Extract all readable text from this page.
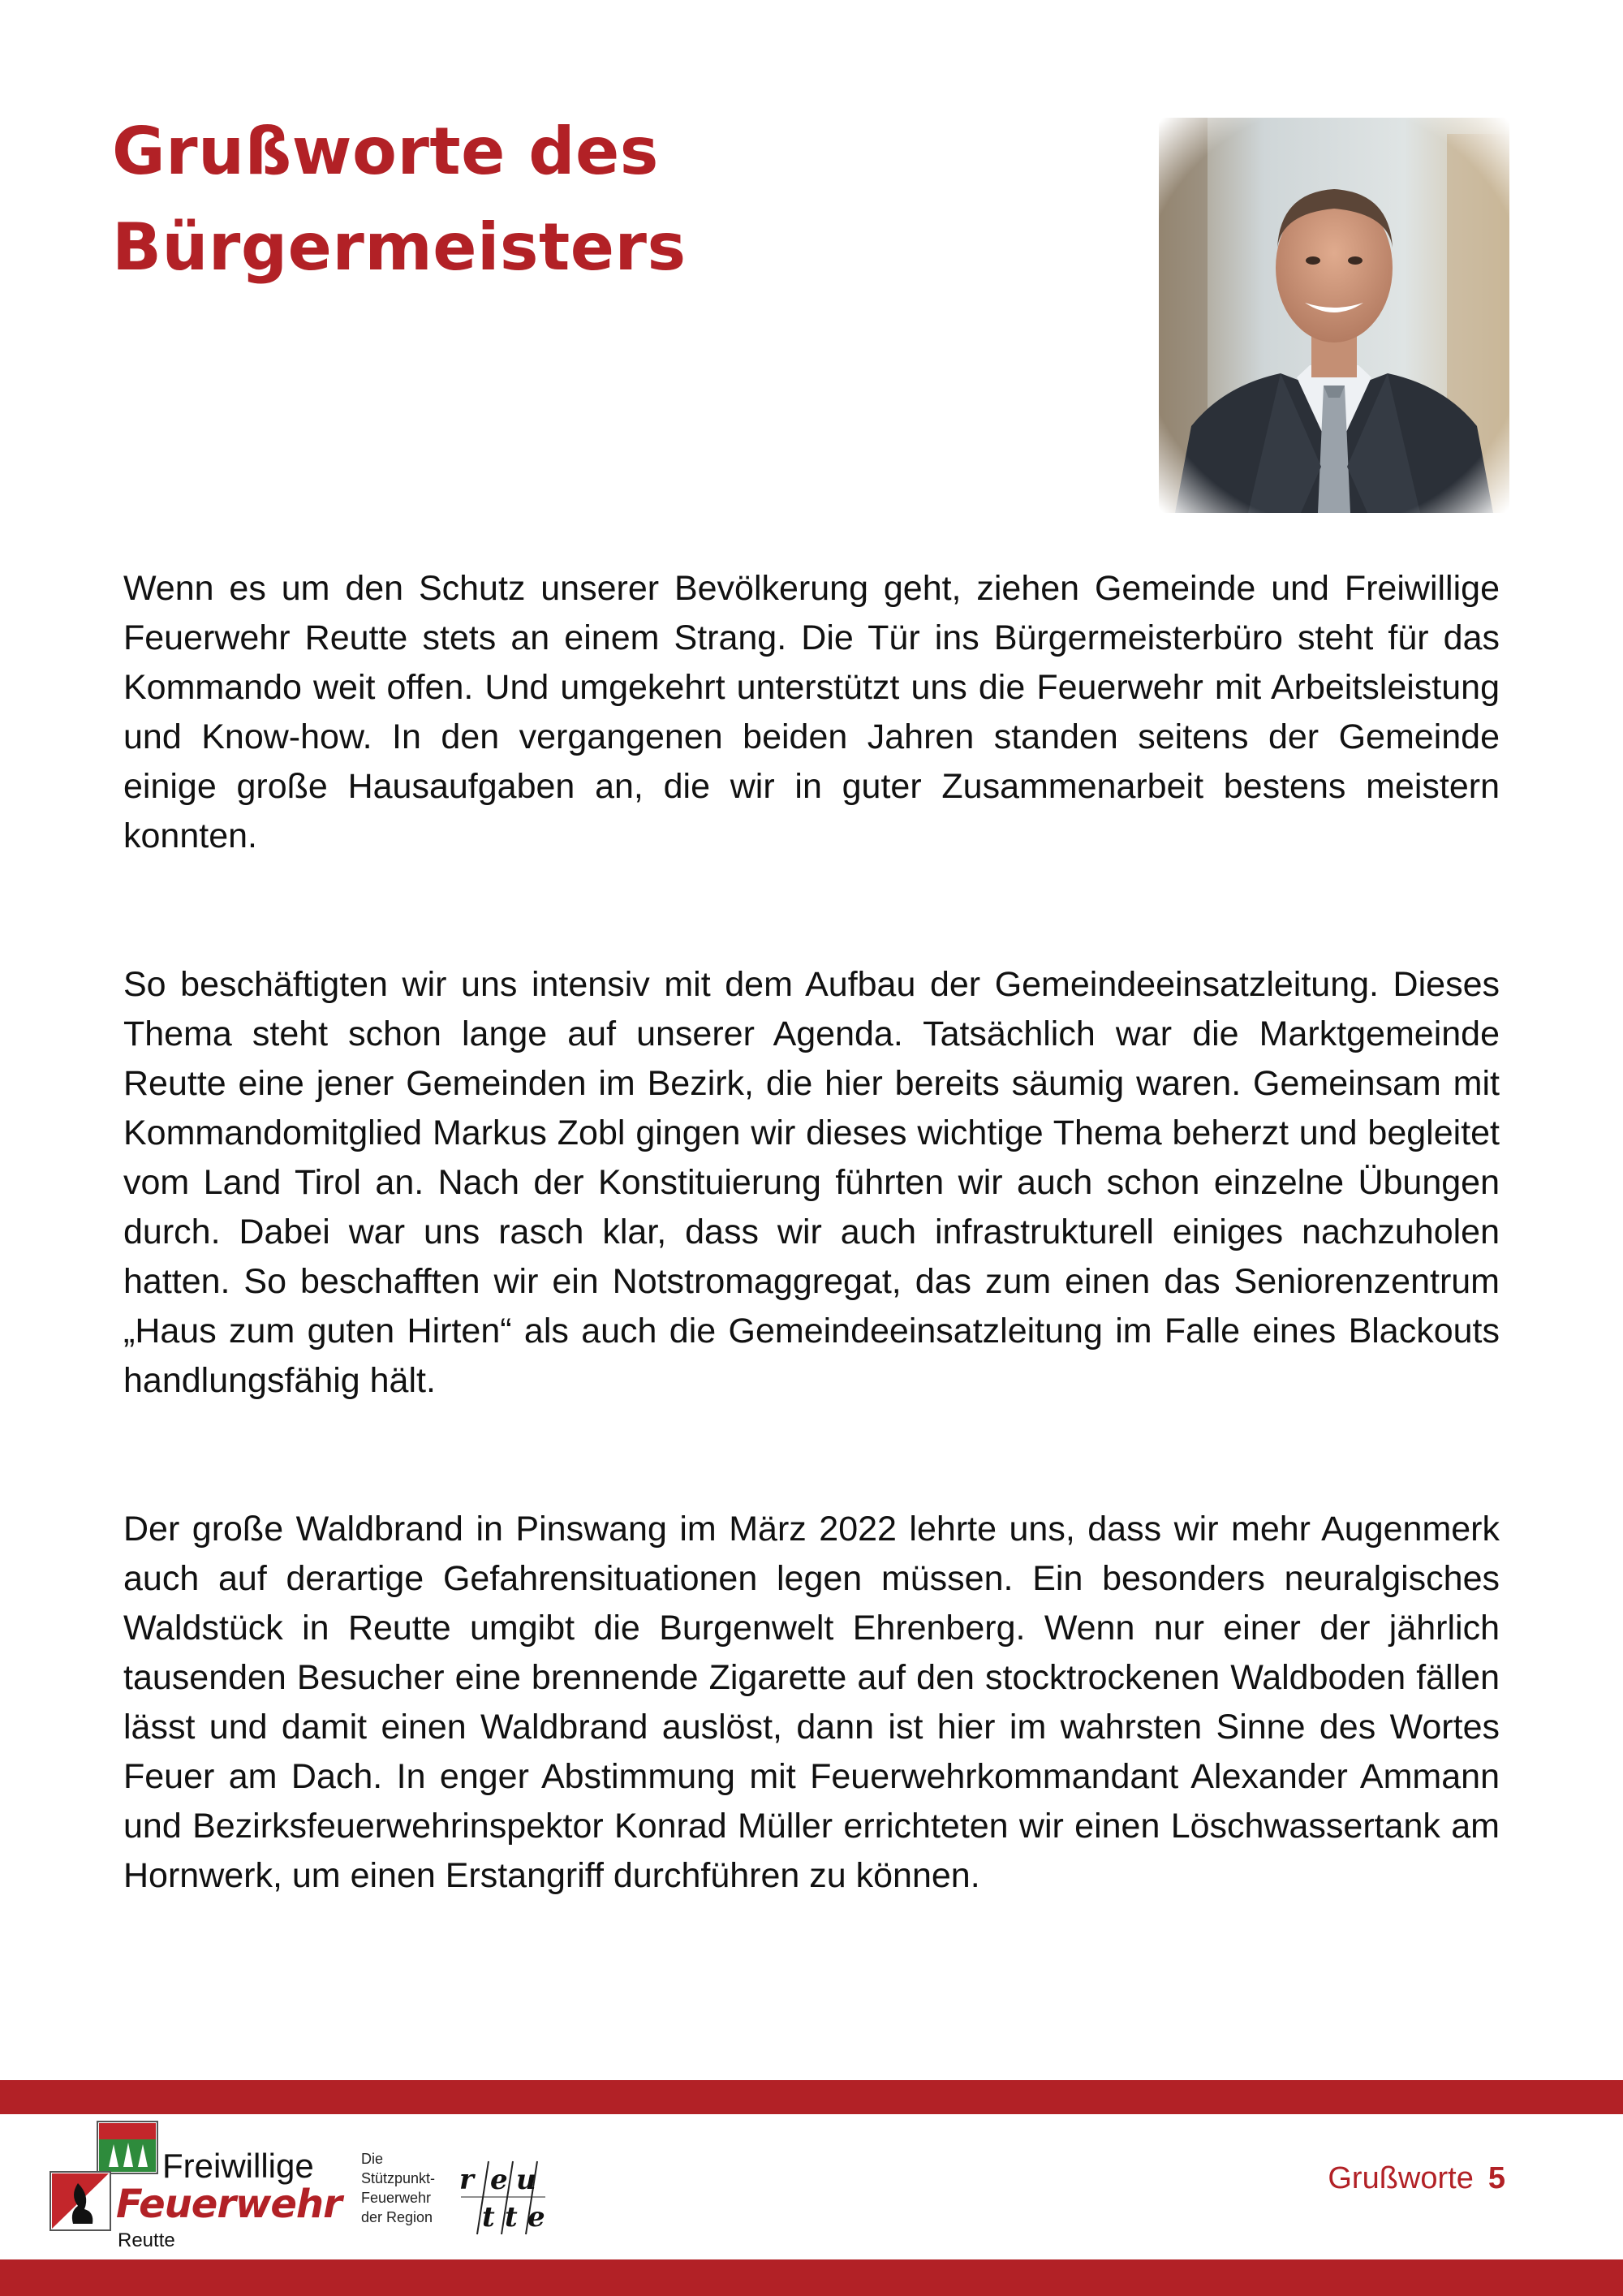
Grußworte des
Bürgermeisters

Wenn es um den Schutz unserer Bevölkerung geht, ziehen Gemeinde und Freiwillige Feuerwehr Reutte stets an einem Strang. Die Tür ins Bürgermeisterbüro steht für das Kommando weit offen. Und umgekehrt unterstützt uns die Feuerwehr mit Arbeitsleistung und Know-how. In den vergangenen beiden Jahren standen seitens der Gemeinde einige große Hausaufgaben an, die wir in guter Zusammenarbeit bestens meistern konnten.

So beschäftigten wir uns intensiv mit dem Aufbau der Gemeindeeinsatzleitung. Dieses Thema steht schon lange auf unserer Agenda. Tatsächlich war die Marktgemeinde Reutte eine jener Gemeinden im Bezirk, die hier bereits säumig waren. Gemeinsam mit Kommandomitglied Markus Zobl gingen wir dieses wichtige Thema beherzt und begleitet vom Land Tirol an. Nach der Konstituierung führten wir auch schon einzelne Übungen durch. Dabei war uns rasch klar, dass wir auch infrastrukturell einiges nachzuholen hatten. So beschafften wir ein Notstromaggregat, das zum einen das Seniorenzentrum „Haus zum guten Hirten“ als auch die Gemeindeeinsatzleitung im Falle eines Blackouts handlungsfähig hält.

Der große Waldbrand in Pinswang im März 2022 lehrte uns, dass wir mehr Augenmerk auch auf derartige Gefahrensituationen legen müssen. Ein besonders neuralgisches Waldstück in Reutte umgibt die Burgenwelt Ehrenberg. Wenn nur einer der jährlich tausenden Besucher eine brennende Zigarette auf den stocktrockenen Waldboden fällen lässt und damit einen Waldbrand auslöst, dann ist hier im wahrsten Sinne des Wortes Feuer am Dach. In enger Abstimmung mit Feuerwehrkommandant Alexander Ammann und Bezirksfeuerwehrinspektor Konrad Müller errichteten wir einen Löschwassertank am Hornwerk, um einen Erstangriff durchführen zu können.

Freiwillige
Feuerwehr
Reutte
Die
Stützpunkt-
Feuerwehr
der Region
r e u
t t e
Grußworte 5
